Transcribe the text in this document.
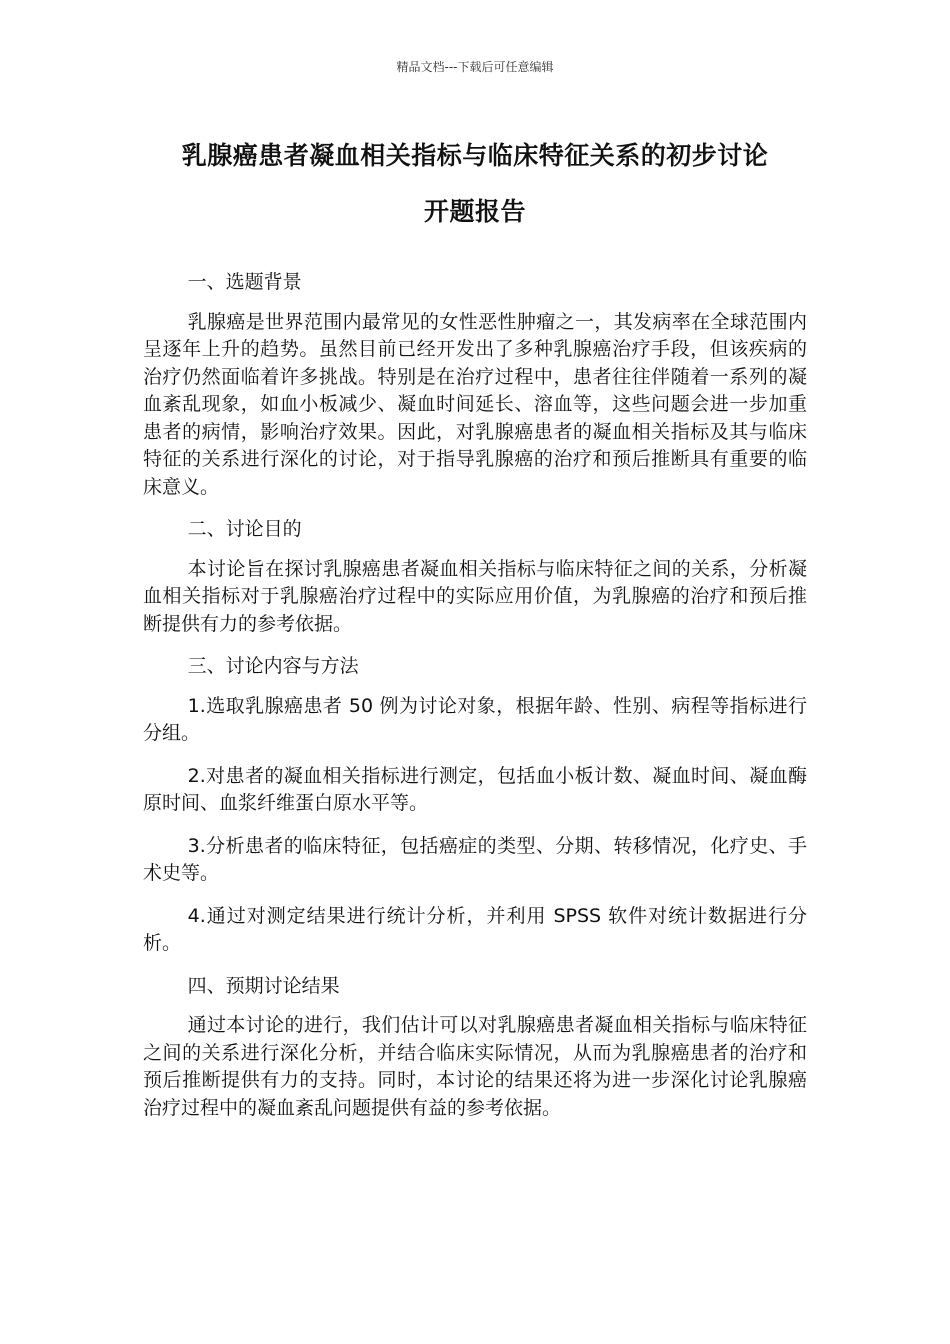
精品文档---下载后可任意编辑
乳腺癌患者凝血相关指标与临床特征关系的初步讨论
开题报告
一、选题背景
乳腺癌是世界范围内最常见的女性恶性肿瘤之一，其发病率在全球范围内呈逐年上升的趋势。虽然目前已经开发出了多种乳腺癌治疗手段，但该疾病的治疗仍然面临着许多挑战。特别是在治疗过程中，患者往往伴随着一系列的凝血紊乱现象，如血小板减少、凝血时间延长、溶血等，这些问题会进一步加重患者的病情，影响治疗效果。因此，对乳腺癌患者的凝血相关指标及其与临床特征的关系进行深化的讨论，对于指导乳腺癌的治疗和预后推断具有重要的临床意义。
二、讨论目的
本讨论旨在探讨乳腺癌患者凝血相关指标与临床特征之间的关系，分析凝血相关指标对于乳腺癌治疗过程中的实际应用价值，为乳腺癌的治疗和预后推断提供有力的参考依据。
三、讨论内容与方法
1.选取乳腺癌患者 50 例为讨论对象，根据年龄、性别、病程等指标进行分组。
2.对患者的凝血相关指标进行测定，包括血小板计数、凝血时间、凝血酶原时间、血浆纤维蛋白原水平等。
3.分析患者的临床特征，包括癌症的类型、分期、转移情况，化疗史、手术史等。
4.通过对测定结果进行统计分析，并利用 SPSS 软件对统计数据进行分析。
四、预期讨论结果
通过本讨论的进行，我们估计可以对乳腺癌患者凝血相关指标与临床特征之间的关系进行深化分析，并结合临床实际情况，从而为乳腺癌患者的治疗和预后推断提供有力的支持。同时，本讨论的结果还将为进一步深化讨论乳腺癌治疗过程中的凝血紊乱问题提供有益的参考依据。
